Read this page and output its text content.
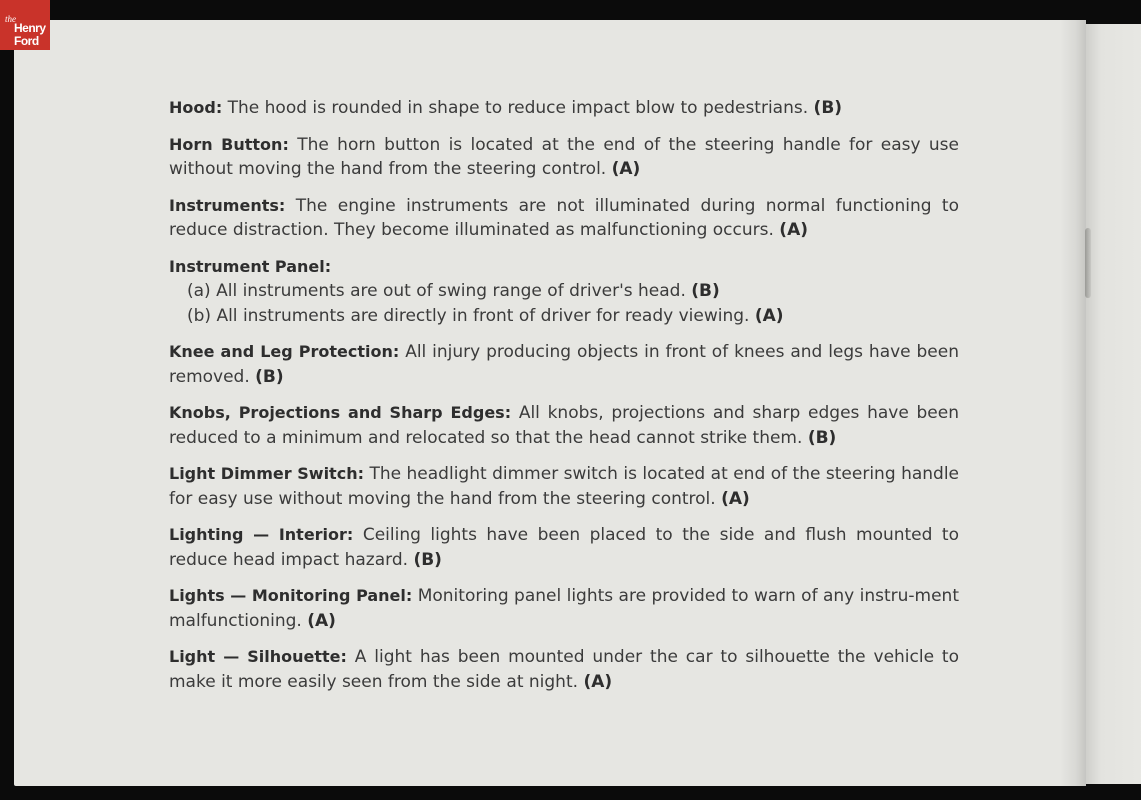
the
Henry
Ford

Hood: The hood is rounded in shape to reduce impact blow to pedestrians. (B)

Horn Button: The horn button is located at the end of the steering handle for easy use without moving the hand from the steering control. (A)

Instruments: The engine instruments are not illuminated during normal functioning to reduce distraction. They become illuminated as malfunctioning occurs. (A)

Instrument Panel:
(a) All instruments are out of swing range of driver's head. (B)
(b) All instruments are directly in front of driver for ready viewing. (A)

Knee and Leg Protection: All injury producing objects in front of knees and legs have been removed. (B)

Knobs, Projections and Sharp Edges: All knobs, projections and sharp edges have been reduced to a minimum and relocated so that the head cannot strike them. (B)

Light Dimmer Switch: The headlight dimmer switch is located at end of the steering handle for easy use without moving the hand from the steering control. (A)

Lighting — Interior: Ceiling lights have been placed to the side and flush mounted to reduce head impact hazard. (B)

Lights — Monitoring Panel: Monitoring panel lights are provided to warn of any instru-ment malfunctioning. (A)

Light — Silhouette: A light has been mounted under the car to silhouette the vehicle to make it more easily seen from the side at night. (A)
